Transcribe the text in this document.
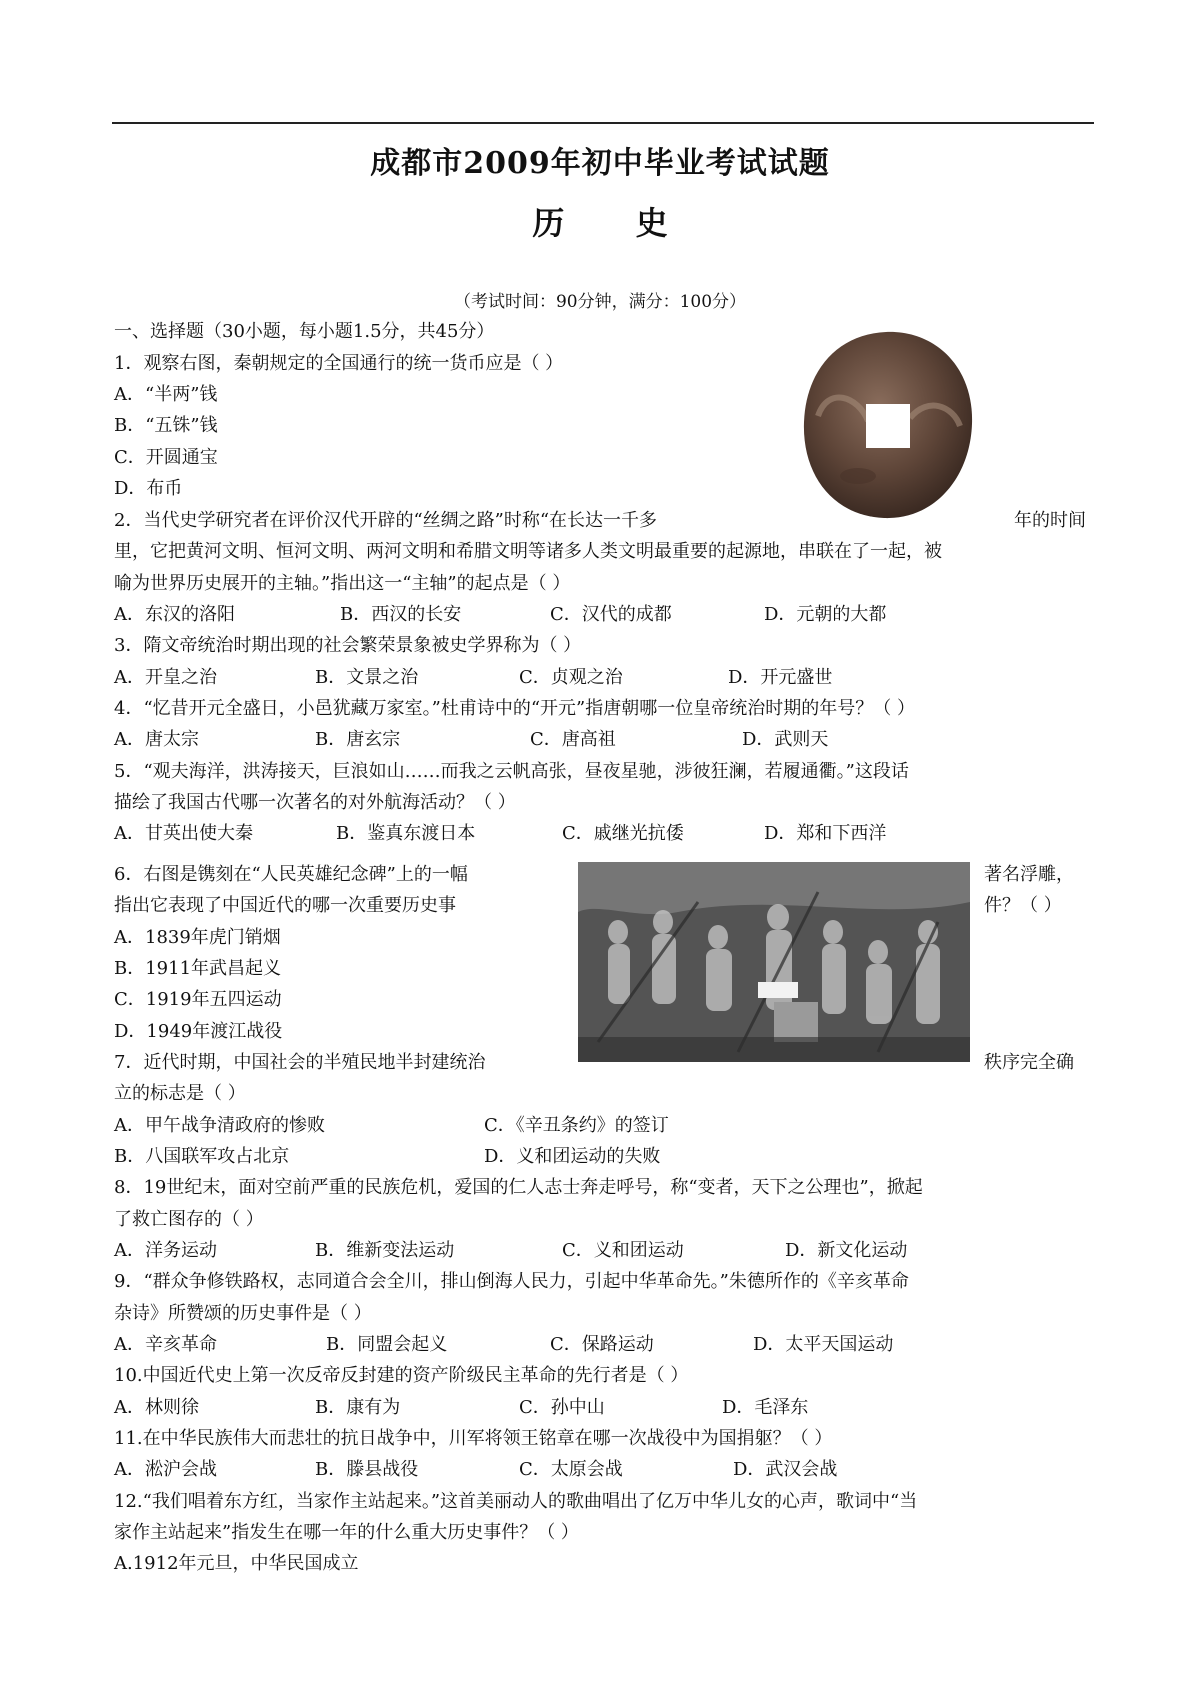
成都市2009年初中毕业考试试题
历 史
（考试时间：90分钟，满分：100分）
一、选择题（30小题，每小题1.5分，共45分）
1．观察右图，秦朝规定的全国通行的统一货币应是（ ）
A．“半两”钱
B．“五铢”钱
C．开圆通宝
D．布币
2．当代史学研究者在评价汉代开辟的“丝绸之路”时称“在长达一千多	年的时间
里，它把黄河文明、恒河文明、两河文明和希腊文明等诸多人类文明最重要的起源地，串联在了一起，被
喻为世界历史展开的主轴。”指出这一“主轴”的起点是（ ）
A．东汉的洛阳	B．西汉的长安	C．汉代的成都	D．元朝的大都
3．隋文帝统治时期出现的社会繁荣景象被史学界称为（ ）
A．开皇之治	B．文景之治	C．贞观之治	D．开元盛世
4．“忆昔开元全盛日，小邑犹藏万家室。”杜甫诗中的“开元”指唐朝哪一位皇帝统治时期的年号？（ ）
A．唐太宗	B．唐玄宗	C．唐高祖	D．武则天
5．“观夫海洋，洪涛接天，巨浪如山……而我之云帆高张，昼夜星驰，涉彼狂澜，若履通衢。”这段话
描绘了我国古代哪一次著名的对外航海活动？（ ）
A．甘英出使大秦	B．鉴真东渡日本	C．戚继光抗倭	D．郑和下西洋
6．右图是镌刻在“人民英雄纪念碑”上的一幅	著名浮雕，
指出它表现了中国近代的哪一次重要历史事	件？（ ）
A．1839年虎门销烟
B．1911年武昌起义
C．1919年五四运动
D．1949年渡江战役
7．近代时期，中国社会的半殖民地半封建统治	秩序完全确
立的标志是（ ）
A．甲午战争清政府的惨败	C．《辛丑条约》的签订
B．八国联军攻占北京	D．义和团运动的失败
8．19世纪末，面对空前严重的民族危机，爱国的仁人志士奔走呼号，称“变者，天下之公理也”，掀起
了救亡图存的（ ）
A．洋务运动	B．维新变法运动	C．义和团运动	D．新文化运动
9．“群众争修铁路权，志同道合会全川，排山倒海人民力，引起中华革命先。”朱德所作的《辛亥革命
杂诗》所赞颂的历史事件是（ ）
A．辛亥革命	B．同盟会起义	C．保路运动	D．太平天国运动
10.中国近代史上第一次反帝反封建的资产阶级民主革命的先行者是（ ）
A．林则徐	B．康有为	C．孙中山	D．毛泽东
11.在中华民族伟大而悲壮的抗日战争中，川军将领王铭章在哪一次战役中为国捐躯？（ ）
A．淞沪会战	B．滕县战役	C．太原会战	D．武汉会战
12.“我们唱着东方红，当家作主站起来。”这首美丽动人的歌曲唱出了亿万中华儿女的心声，歌词中“当
家作主站起来”指发生在哪一年的什么重大历史事件？（ ）
A.1912年元旦，中华民国成立
